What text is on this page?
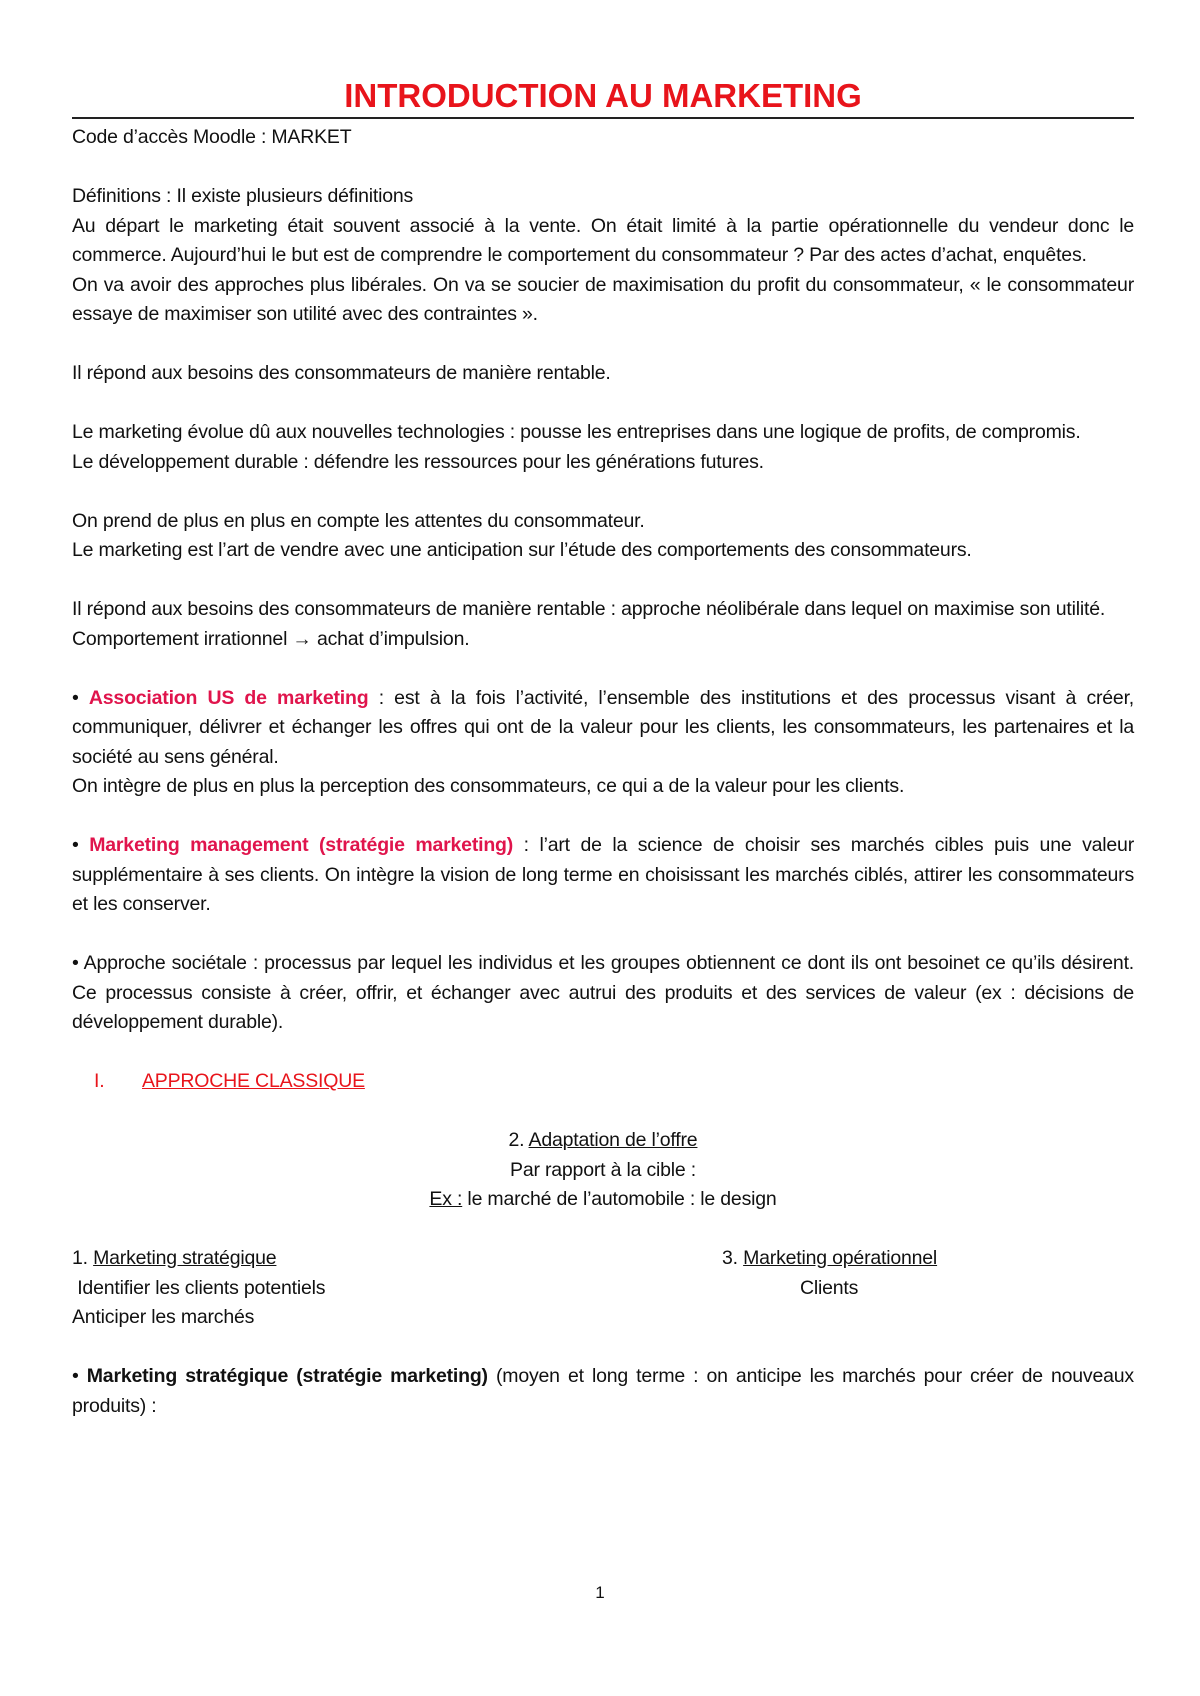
INTRODUCTION AU MARKETING

Code d’accès Moodle : MARKET

Définitions : Il existe plusieurs définitions

Au départ le marketing était souvent associé à la vente. On était limité à la partie opérationnelle du vendeur donc le commerce. Aujourd’hui le but est de comprendre le comportement du consommateur ? Par des actes d’achat, enquêtes.

On va avoir des approches plus libérales. On va se soucier de maximisation du profit du consommateur, « le consommateur essaye de maximiser son utilité avec des contraintes ».

Il répond aux besoins des consommateurs de manière rentable.

Le marketing évolue dû aux nouvelles technologies : pousse les entreprises dans une logique de profits, de compromis.

Le développement durable : défendre les ressources pour les générations futures.

On prend de plus en plus en compte les attentes du consommateur.

Le marketing est l’art de vendre avec une anticipation sur l’étude des comportements des consommateurs.

Il répond aux besoins des consommateurs de manière rentable : approche néolibérale dans lequel on maximise son utilité.

Comportement irrationnel → achat d’impulsion.

• Association US de marketing : est à la fois l’activité, l’ensemble des institutions et des processus visant à créer, communiquer, délivrer et échanger les offres qui ont de la valeur pour les clients, les consommateurs, les partenaires et la société au sens général.

On intègre de plus en plus la perception des consommateurs, ce qui a de la valeur pour les clients.

• Marketing management (stratégie marketing) : l’art de la science de choisir ses marchés cibles puis une valeur supplémentaire à ses clients. On intègre la vision de long terme en choisissant les marchés ciblés, attirer les consommateurs et les conserver.

• Approche sociétale : processus par lequel les individus et les groupes obtiennent ce dont ils ont besoinet ce qu’ils désirent. Ce processus consiste à créer, offrir, et échanger avec autrui des produits et des services de valeur (ex : décisions de développement durable).

I. APPROCHE CLASSIQUE

2. Adaptation de l’offre

Par rapport à la cible :

Ex : le marché de l’automobile : le design

1. Marketing stratégique	3. Marketing opérationnel
Identifier les clients potentiels	Clients

Anticiper les marchés

• Marketing stratégique (stratégie marketing) (moyen et long terme : on anticipe les marchés pour créer de nouveaux produits) :

1
